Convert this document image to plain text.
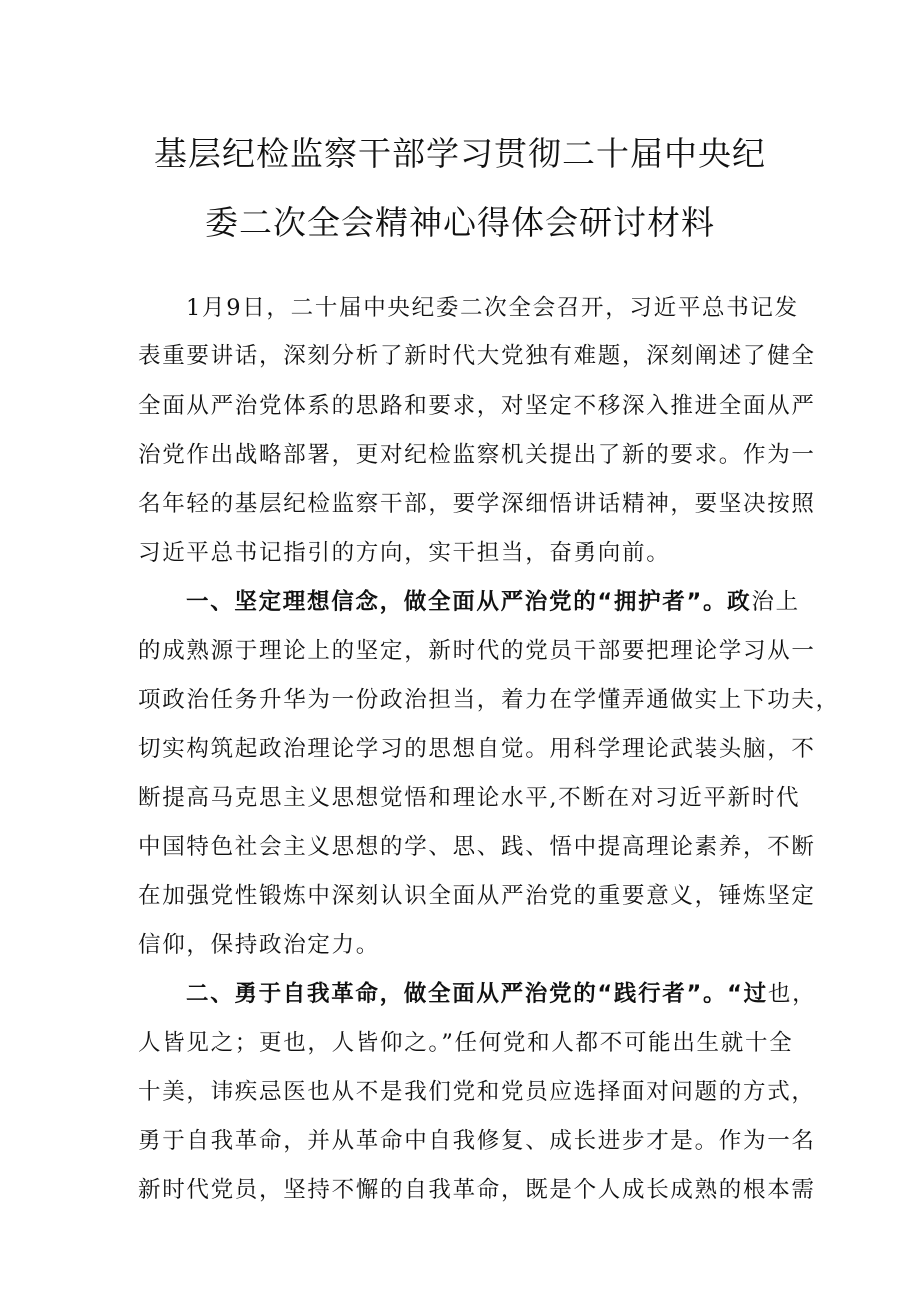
基层纪检监察干部学习贯彻二十届中央纪
委二次全会精神心得体会研讨材料
1月9日，二十届中央纪委二次全会召开，习近平总书记发
表重要讲话，深刻分析了新时代大党独有难题，深刻阐述了健全
全面从严治党体系的思路和要求，对坚定不移深入推进全面从严
治党作出战略部署，更对纪检监察机关提出了新的要求。作为一
名年轻的基层纪检监察干部，要学深细悟讲话精神，要坚决按照
习近平总书记指引的方向，实干担当，奋勇向前。
一、坚定理想信念，做全面从严治党的“拥护者”。政治上
的成熟源于理论上的坚定，新时代的党员干部要把理论学习从一
项政治任务升华为一份政治担当，着力在学懂弄通做实上下功夫，
切实构筑起政治理论学习的思想自觉。用科学理论武装头脑，不
断提高马克思主义思想觉悟和理论水平,不断在对习近平新时代
中国特色社会主义思想的学、思、践、悟中提高理论素养，不断
在加强党性锻炼中深刻认识全面从严治党的重要意义，锤炼坚定
信仰，保持政治定力。
二、勇于自我革命，做全面从严治党的“践行者”。“过也，
人皆见之；更也，人皆仰之。”任何党和人都不可能出生就十全
十美，讳疾忌医也从不是我们党和党员应选择面对问题的方式，
勇于自我革命，并从革命中自我修复、成长进步才是。作为一名
新时代党员，坚持不懈的自我革命，既是个人成长成熟的根本需
